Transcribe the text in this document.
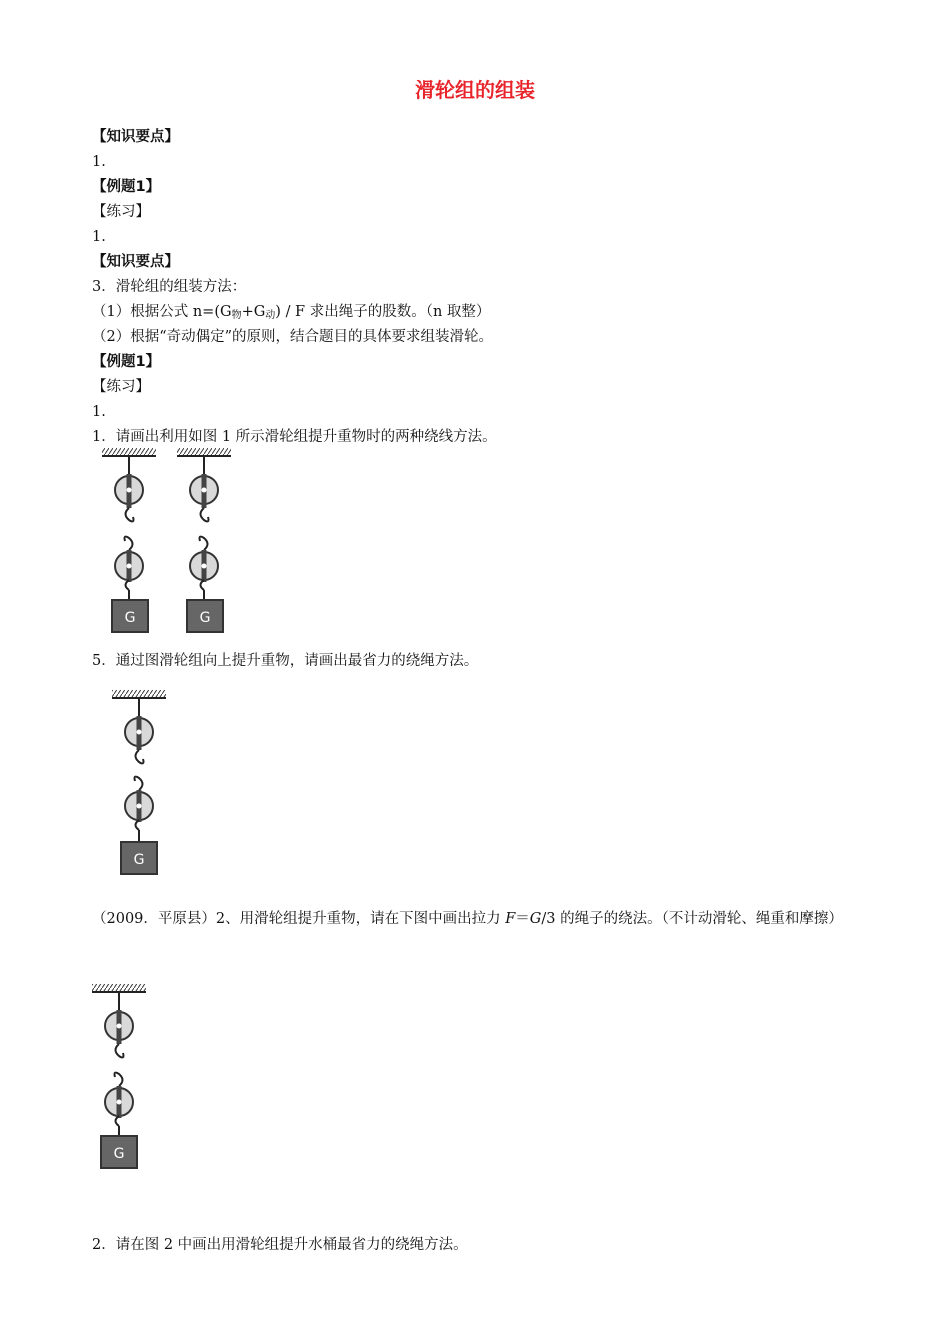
滑轮组的组装
【知识要点】
1.
【例题1】
【练习】
1.
【知识要点】
3．滑轮组的组装方法：
（1）根据公式 $n=(G_物+G_动) / F$ 求出绳子的股数。（n 取整）
（2）根据“奇动偶定”的原则，结合题目的具体要求组装滑轮。
【例题1】
【练习】
1.
1．请画出利用如图 1 所示滑轮组提升重物时的两种绕线方法。
G	G
5．通过图滑轮组向上提升重物，请画出最省力的绕绳方法。
G
（2009．平原县）2、用滑轮组提升重物，请在下图中画出拉力 F＝G/3 的绳子的绕法。（不计动滑轮、绳重和摩擦）
G
2．请在图 2 中画出用滑轮组提升水桶最省力的绕绳方法。
